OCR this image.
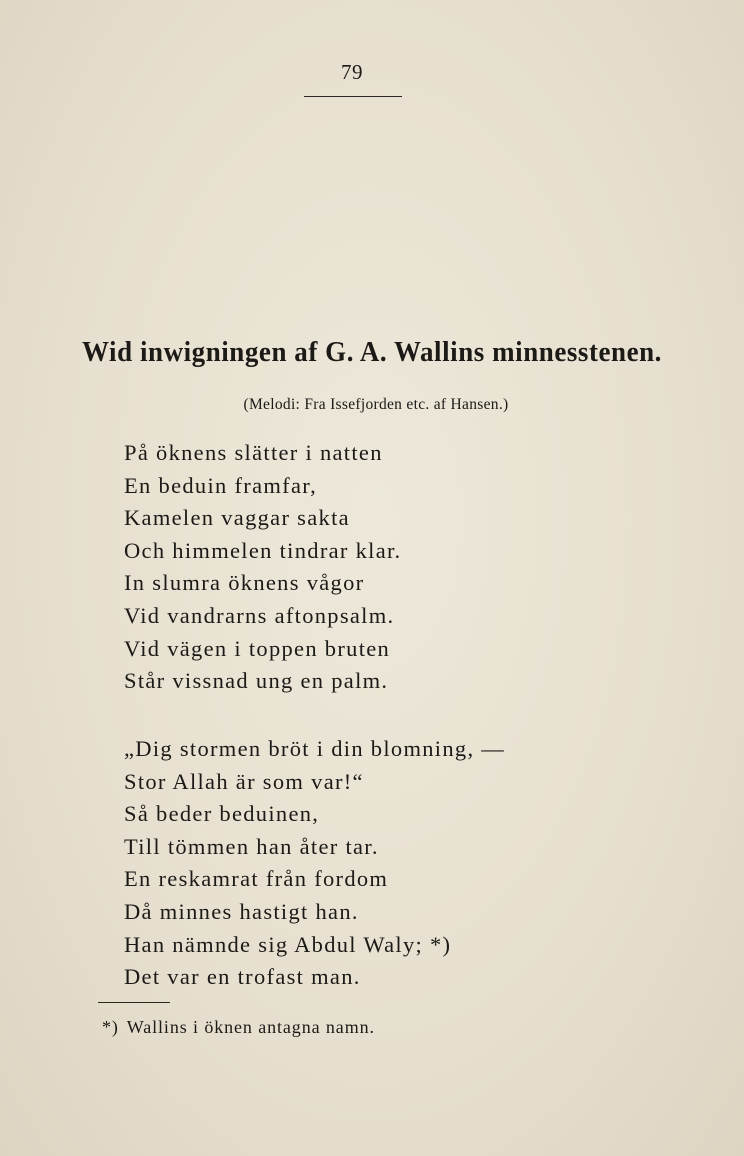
79
Wid inwigningen af G. A. Wallins minnesstenen.
(Melodi: Fra Issefjorden etc. af Hansen.)
På öknens slätter i natten
En beduin framfar,
Kamelen vaggar sakta
Och himmelen tindrar klar.
In slumra öknens vågor
Vid vandrarns aftonpsalm.
Vid vägen i toppen bruten
Står vissnad ung en palm.
„Dig stormen bröt i din blomning, —
Stor Allah är som var!“
Så beder beduinen,
Till tömmen han åter tar.
En reskamrat från fordom
Då minnes hastigt han.
Han nämnde sig Abdul Waly; *)
Det var en trofast man.
*) Wallins i öknen antagna namn.
